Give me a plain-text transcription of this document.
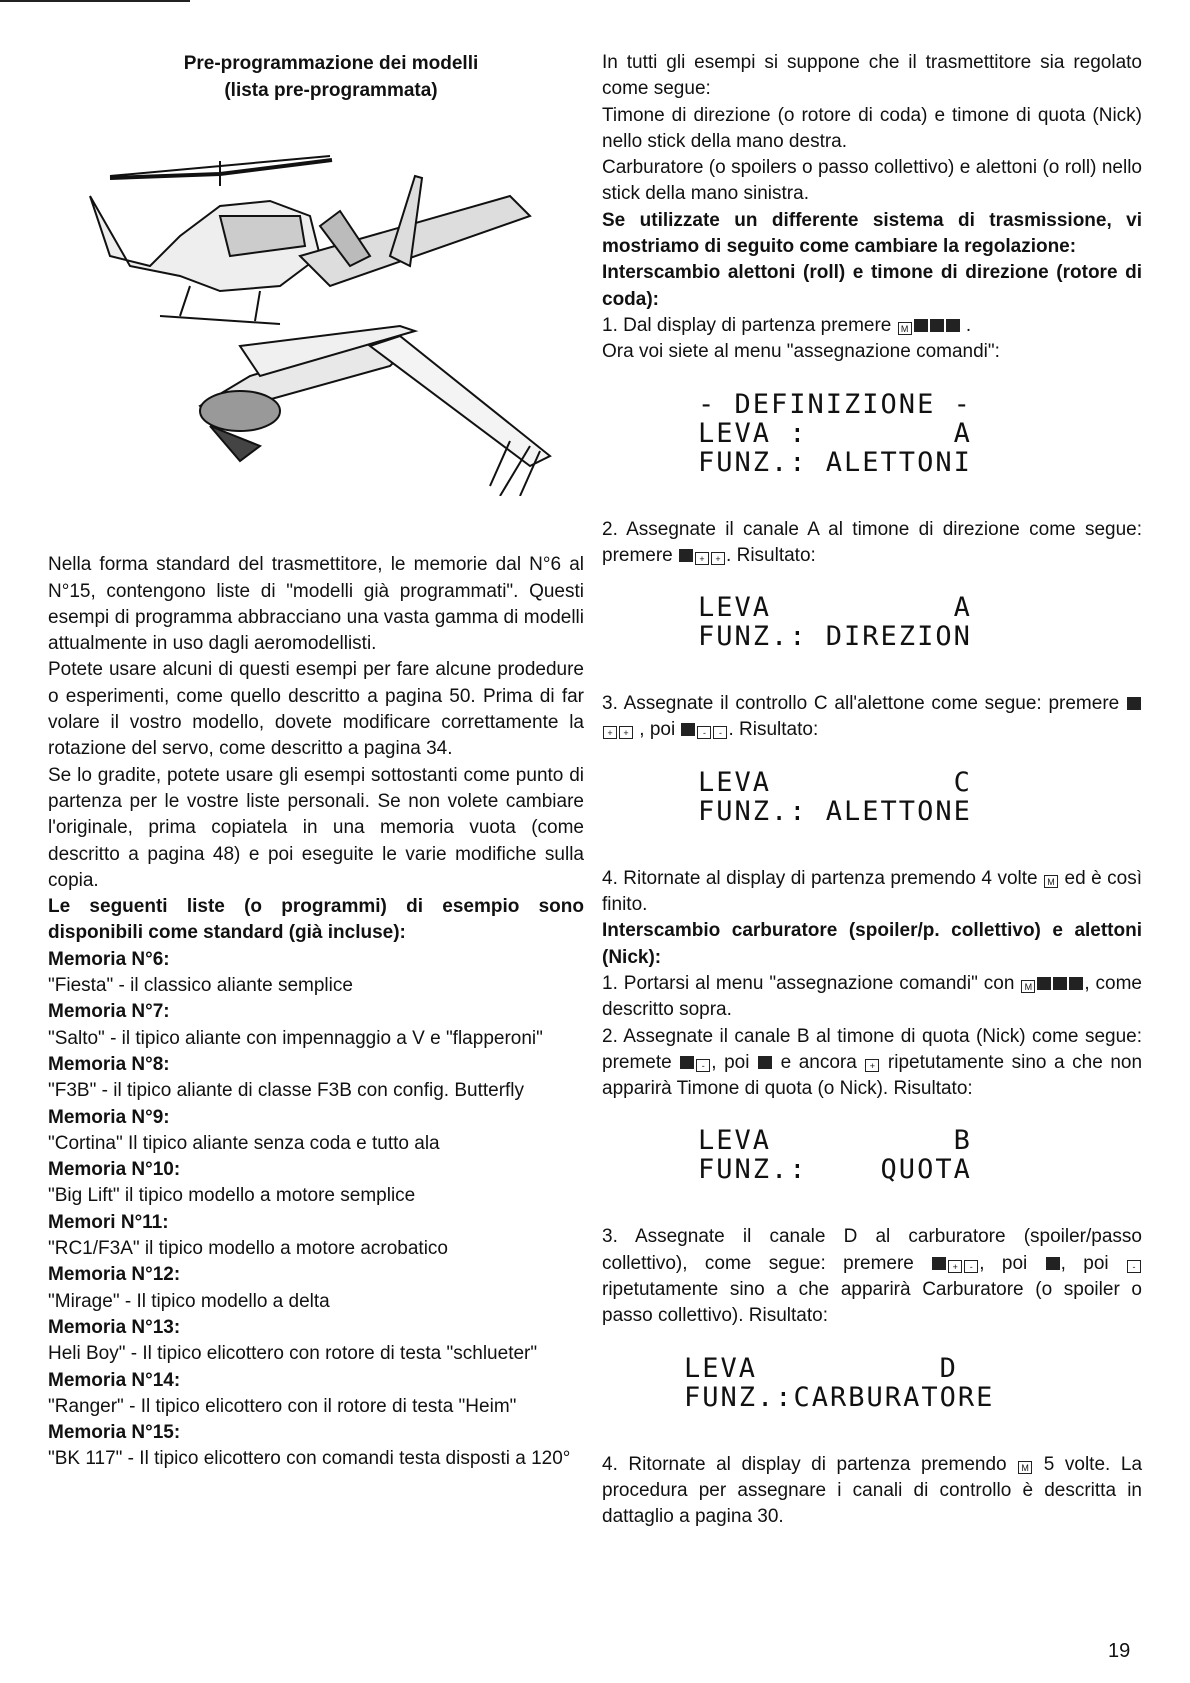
Pre-programmazione dei modelli
(lista pre-programmata)

Nella forma standard del trasmettitore, le memorie dal N°6 al N°15, contengono liste di "modelli già programmati". Questi esempi di programma abbracciano una vasta gamma di modelli attualmente in uso dagli aeromodellisti.

Potete usare alcuni di questi esempi per fare alcune prodedure o esperimenti, come quello descritto a pagina 50. Prima di far volare il vostro modello, dovete modificare correttamente la rotazione del servo, come descritto a pagina 34.

Se lo gradite, potete usare gli esempi sottostanti come punto di partenza per le vostre liste personali. Se non volete cambiare l'originale, prima copiatela in una memoria vuota (come descritto a pagina 48) e poi eseguite le varie modifiche sulla copia.

Le seguenti liste (o programmi) di esempio sono disponibili come standard (già incluse):

Memoria N°6:

"Fiesta" - il classico aliante semplice

Memoria N°7:

"Salto" - il tipico aliante con impennaggio a V e "flapperoni"

Memoria N°8:

"F3B" - il tipico aliante di classe F3B con config. Butterfly

Memoria N°9:

"Cortina" Il tipico aliante senza coda e tutto ala

Memoria N°10:

"Big Lift" il tipico modello a motore semplice

Memori N°11:

"RC1/F3A" il tipico modello a motore acrobatico

Memoria N°12:

"Mirage" - Il tipico modello a delta

Memoria N°13:

Heli Boy" - Il tipico elicottero con rotore di testa "schlueter"

Memoria N°14:

"Ranger" - Il tipico elicottero con il rotore di testa "Heim"

Memoria N°15:

"BK 117" - Il tipico elicottero con comandi testa disposti a 120°

In tutti gli esempi si suppone che il trasmettitore sia regolato come segue:

Timone di direzione (o rotore di coda) e timone di quota (Nick) nello stick della mano destra.

Carburatore (o spoilers o passo collettivo) e alettoni (o roll) nello stick della mano sinistra.

Se utilizzate un differente sistema di trasmissione, vi mostriamo di seguito come cambiare la regolazione:

Interscambio alettoni (roll) e timone di direzione (rotore di coda):

1. Dal display di partenza premere M	.

Ora voi siete al menu "assegnazione comandi":

- DEFINIZIONE -
LEVA :        A
FUNZ.: ALETTONI

2. Assegnate il canale A al timone di direzione come segue: premere	+ + . Risultato:

LEVA          A
FUNZ.: DIREZION

3. Assegnate il controllo C all'alettone come segue: premere + + , poi	- - . Risultato:

LEVA          C
FUNZ.: ALETTONE

4. Ritornate al display di partenza premendo 4 volte M ed è così finito.

Interscambio carburatore (spoiler/p. collettivo) e alettoni (Nick):

1. Portarsi al menu "assegnazione comandi" con M	, come descritto sopra.

2. Assegnate il canale B al timone di quota (Nick) come segue: premete	- , poi e ancora + ripetutamente sino a che non apparirà Timone di quota (o Nick). Risultato:

LEVA          B
FUNZ.:    QUOTA

3. Assegnate il canale D al carburatore (spoiler/passo collettivo), come segue: premere	+ - , poi , poi	- ripetutamente sino a che apparirà Carburatore (o spoiler o passo collettivo). Risultato:

LEVA          D
FUNZ.:CARBURATORE

4. Ritornate al display di partenza premendo M 5 volte. La procedura per assegnare i canali di controllo è descritta in dattaglio a pagina 30.

19
